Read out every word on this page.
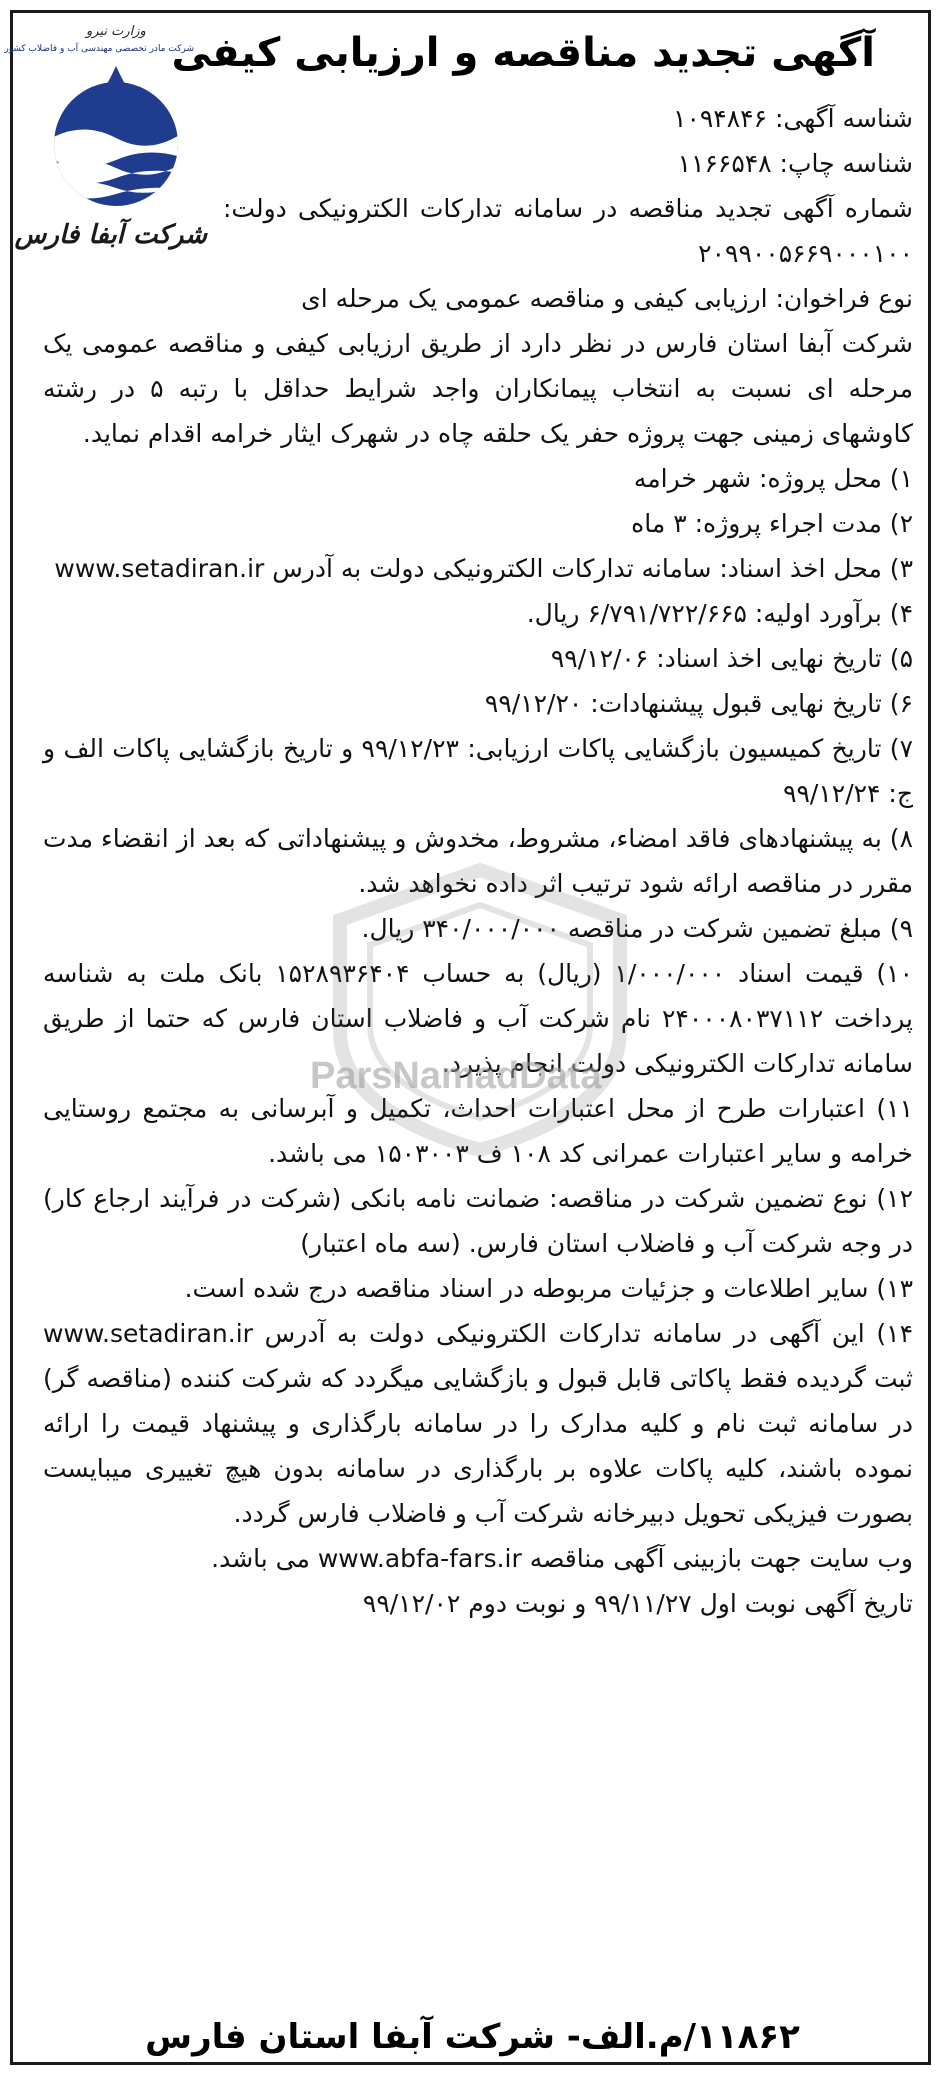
وزارت نیرو
شرکت مادر تخصصی مهندسی آب و فاضلاب کشور
شرکت آبفا فارس
آگهی تجدید مناقصه و ارزیابی کیفی

شناسه آگهی: ۱۰۹۴۸۴۶

شناسه چاپ: ۱۱۶۶۵۴۸

شماره آگهی تجدید مناقصه در سامانه تدارکات الکترونیکی دولت: ۲۰۹۹۰۰۵۶۶۹۰۰۰۱۰۰

نوع فراخوان: ارزیابی کیفی و مناقصه عمومی یک مرحله ای

شرکت آبفا استان فارس در نظر دارد از طریق ارزیابی کیفی و مناقصه عمومی یک مرحله ای نسبت به انتخاب پیمانکاران واجد شرایط حداقل با رتبه ۵ در رشته کاوشهای زمینی جهت پروژه حفر یک حلقه چاه در شهرک ایثار خرامه اقدام نماید.

۱) محل پروژه: شهر خرامه

۲) مدت اجراء پروژه: ۳ ماه

۳) محل اخذ اسناد: سامانه تدارکات الکترونیکی دولت به آدرس www.setadiran.ir

۴) برآورد اولیه: ۶/۷۹۱/۷۲۲/۶۶۵ ریال.

۵) تاریخ نهایی اخذ اسناد: ۹۹/۱۲/۰۶

۶) تاریخ نهایی قبول پیشنهادات: ۹۹/۱۲/۲۰

۷) تاریخ کمیسیون بازگشایی پاکات ارزیابی: ۹۹/۱۲/۲۳ و تاریخ بازگشایی پاکات الف و ج: ۹۹/۱۲/۲۴

۸) به پیشنهادهای فاقد امضاء، مشروط، مخدوش و پیشنهاداتی که بعد از انقضاء مدت مقرر در مناقصه ارائه شود ترتیب اثر داده نخواهد شد.

۹) مبلغ تضمین شرکت در مناقصه ۳۴۰/۰۰۰/۰۰۰ ریال.

۱۰) قیمت اسناد ۱/۰۰۰/۰۰۰ (ریال) به حساب ۱۵۲۸۹۳۶۴۰۴ بانک ملت به شناسه پرداخت ۲۴۰۰۰۸۰۳۷۱۱۲ نام شرکت آب و فاضلاب استان فارس که حتما از طریق سامانه تدارکات الکترونیکی دولت انجام پذیرد.

۱۱) اعتبارات طرح از محل اعتبارات احداث، تکمیل و آبرسانی به مجتمع روستایی خرامه و سایر اعتبارات عمرانی کد ۱۰۸ ف ۱۵۰۳۰۰۳ می باشد.

۱۲) نوع تضمین شرکت در مناقصه: ضمانت نامه بانکی (شرکت در فرآیند ارجاع کار) در وجه شرکت آب و فاضلاب استان فارس. (سه ماه اعتبار)

۱۳) سایر اطلاعات و جزئیات مربوطه در اسناد مناقصه درج شده است.

۱۴) این آگهی در سامانه تدارکات الکترونیکی دولت به آدرس www.setadiran.ir ثبت گردیده فقط پاکاتی قابل قبول و بازگشایی میگردد که شرکت کننده (مناقصه گر) در سامانه ثبت نام و کلیه مدارک را در سامانه بارگذاری و پیشنهاد قیمت را ارائه نموده باشند، کلیه پاکات علاوه بر بارگذاری در سامانه بدون هیچ تغییری میبایست بصورت فیزیکی تحویل دبیرخانه شرکت آب و فاضلاب فارس گردد.

وب سایت جهت بازبینی آگهی مناقصه www.abfa-fars.ir می باشد.

تاریخ آگهی نوبت اول ۹۹/۱۱/۲۷ و نوبت دوم ۹۹/۱۲/۰۲

ParsNamadData
۱۱۸۶۲/م.الف- شرکت آبفا استان فارس
